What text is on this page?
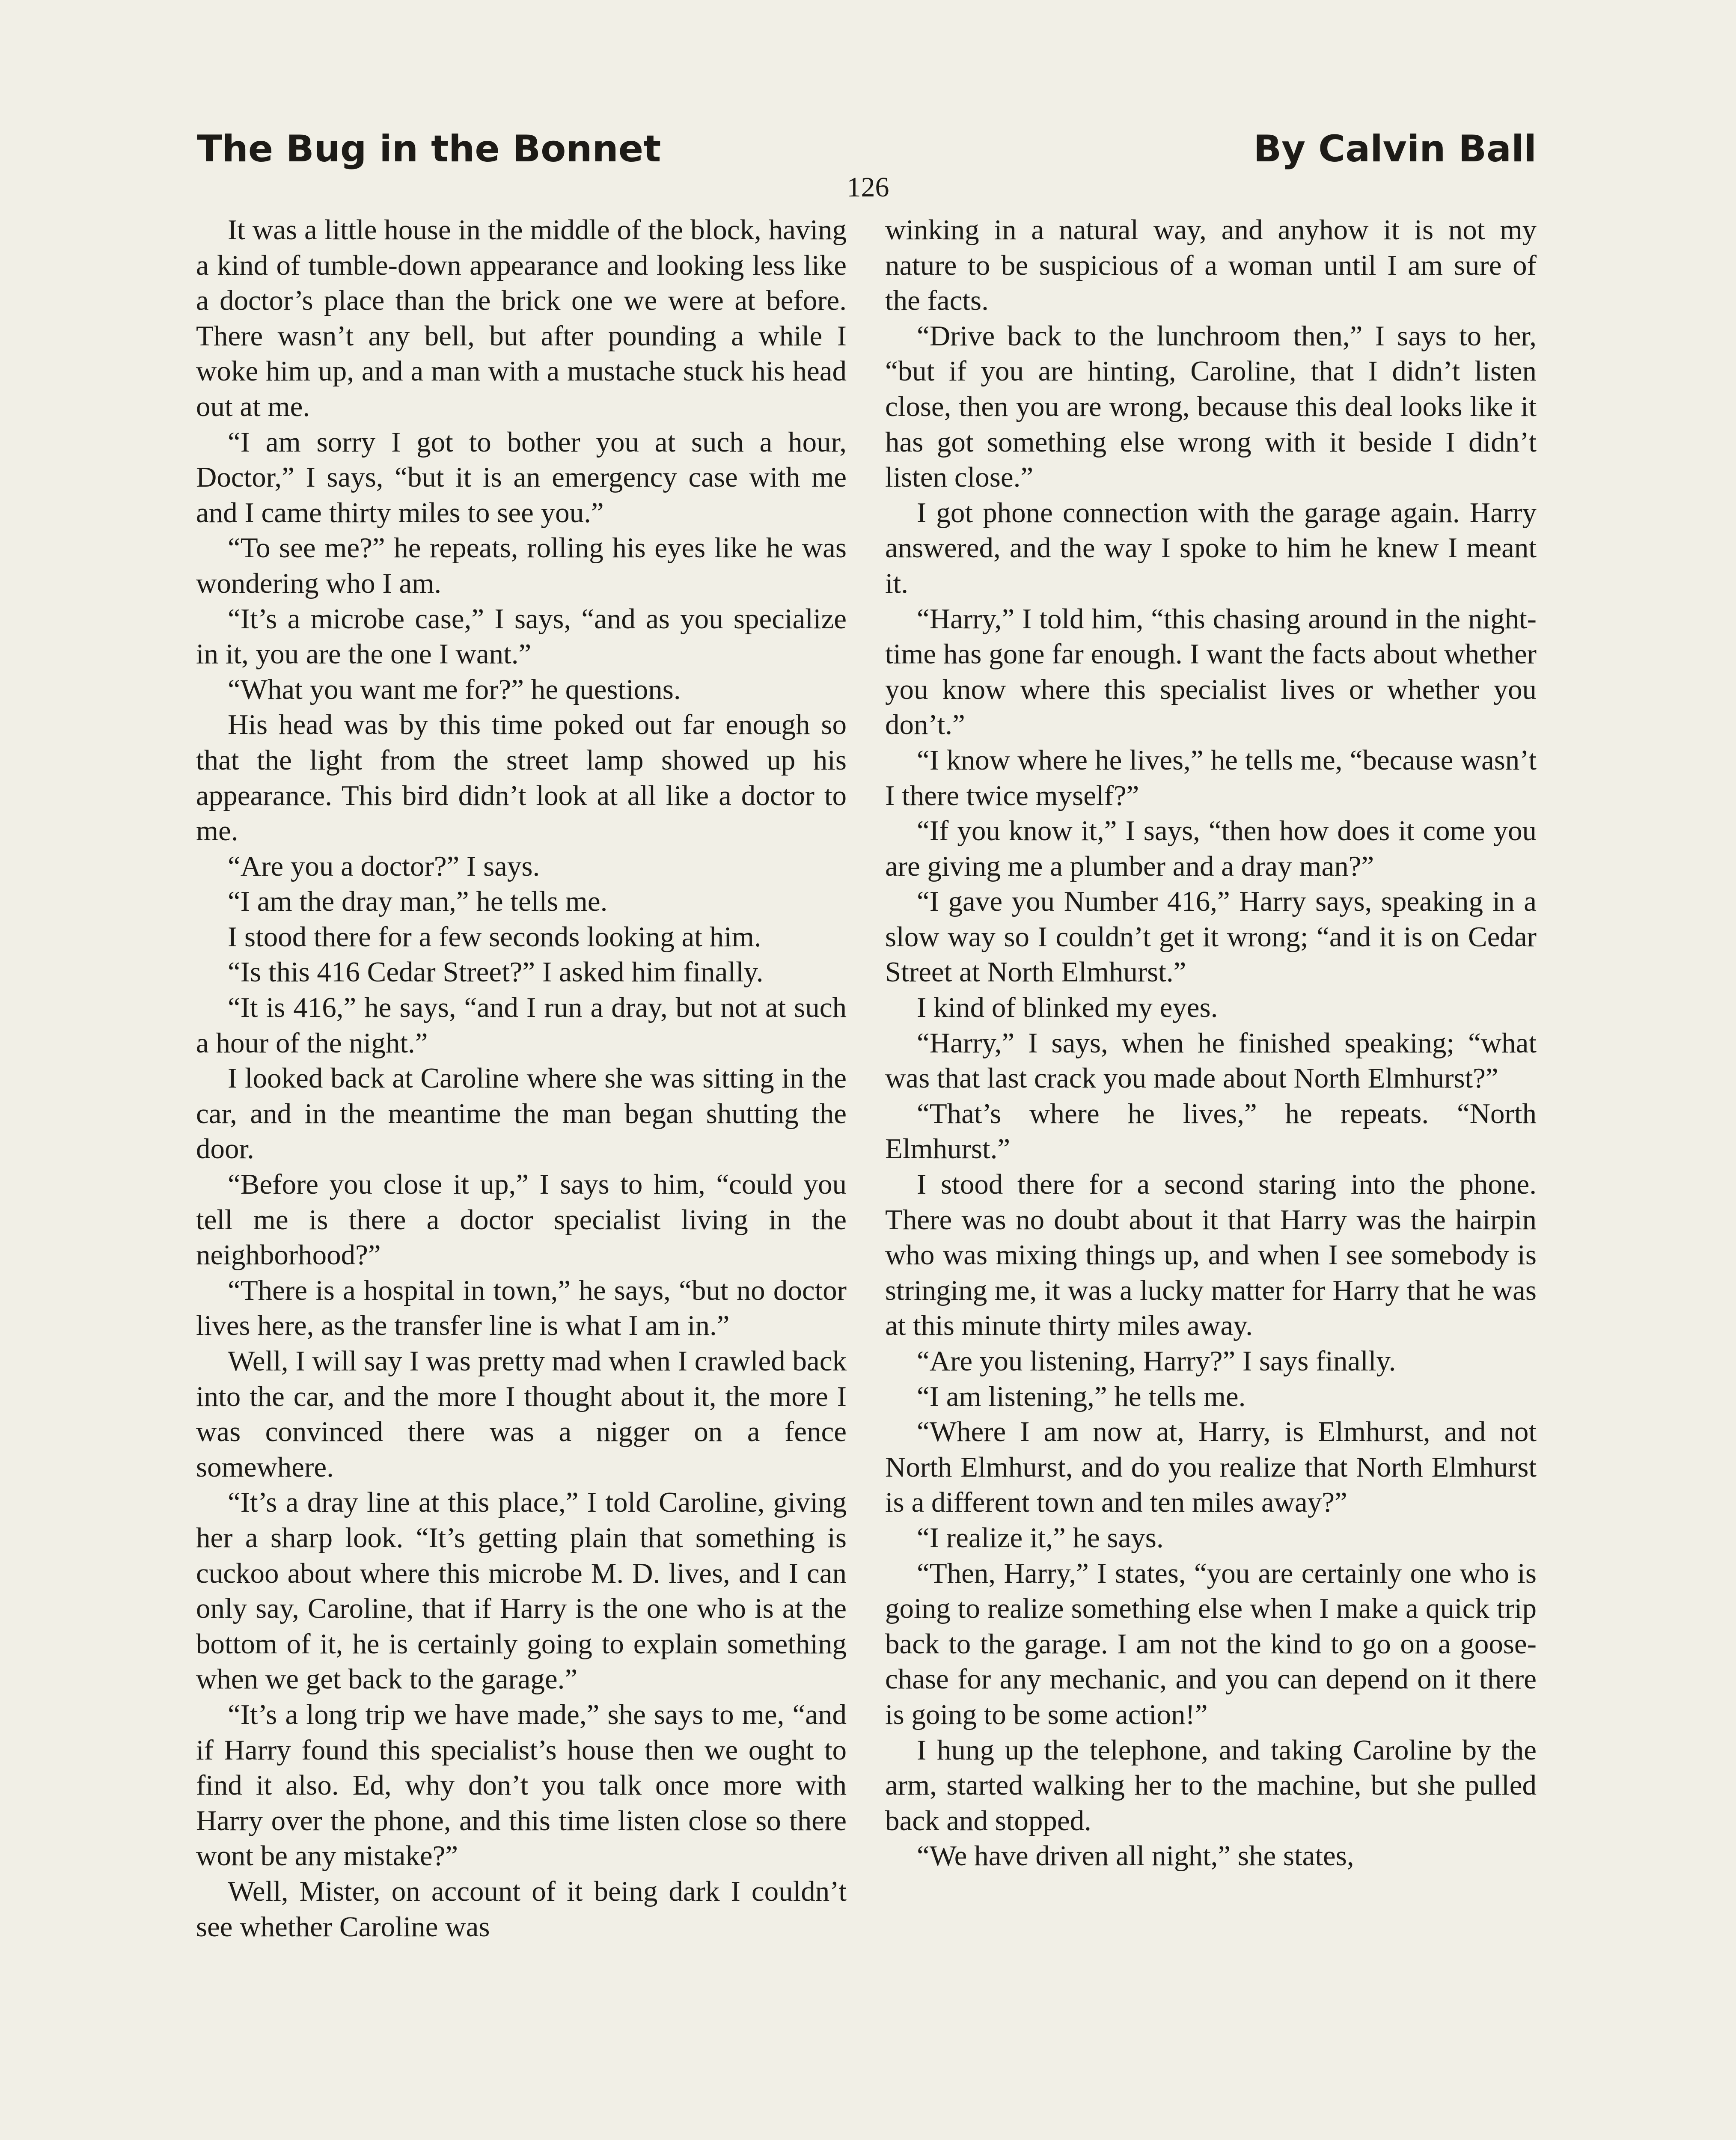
The Bug in the Bonnet	By Calvin Ball
126

It was a little house in the middle of the block, having a kind of tumble-down appearance and looking less like a doctor’s place than the brick one we were at before. There wasn’t any bell, but after pounding a while I woke him up, and a man with a mustache stuck his head out at me.

“I am sorry I got to bother you at such a hour, Doctor,” I says, “but it is an emergency case with me and I came thirty miles to see you.”

“To see me?” he repeats, rolling his eyes like he was wondering who I am.

“It’s a microbe case,” I says, “and as you specialize in it, you are the one I want.”

“What you want me for?” he questions.

His head was by this time poked out far enough so that the light from the street lamp showed up his appearance. This bird didn’t look at all like a doctor to me.

“Are you a doctor?” I says.

“I am the dray man,” he tells me.

I stood there for a few seconds looking at him.

“Is this 416 Cedar Street?” I asked him finally.

“It is 416,” he says, “and I run a dray, but not at such a hour of the night.”

I looked back at Caroline where she was sitting in the car, and in the meantime the man began shutting the door.

“Before you close it up,” I says to him, “could you tell me is there a doctor specialist living in the neighborhood?”

“There is a hospital in town,” he says, “but no doctor lives here, as the transfer line is what I am in.”

Well, I will say I was pretty mad when I crawled back into the car, and the more I thought about it, the more I was convinced there was a nigger on a fence somewhere.

“It’s a dray line at this place,” I told Caroline, giving her a sharp look. “It’s getting plain that something is cuckoo about where this microbe M. D. lives, and I can only say, Caroline, that if Harry is the one who is at the bottom of it, he is certainly going to explain something when we get back to the garage.”

“It’s a long trip we have made,” she says to me, “and if Harry found this specialist’s house then we ought to find it also. Ed, why don’t you talk once more with Harry over the phone, and this time listen close so there wont be any mistake?”

Well, Mister, on account of it being dark I couldn’t see whether Caroline was

winking in a natural way, and anyhow it is not my nature to be suspicious of a woman until I am sure of the facts.

“Drive back to the lunchroom then,” I says to her, “but if you are hinting, Caroline, that I didn’t listen close, then you are wrong, because this deal looks like it has got something else wrong with it beside I didn’t listen close.”

I got phone connection with the garage again. Harry answered, and the way I spoke to him he knew I meant it.

“Harry,” I told him, “this chasing around in the night-time has gone far enough. I want the facts about whether you know where this specialist lives or whether you don’t.”

“I know where he lives,” he tells me, “because wasn’t I there twice myself?”

“If you know it,” I says, “then how does it come you are giving me a plumber and a dray man?”

“I gave you Number 416,” Harry says, speaking in a slow way so I couldn’t get it wrong; “and it is on Cedar Street at North Elmhurst.”

I kind of blinked my eyes.

“Harry,” I says, when he finished speaking; “what was that last crack you made about North Elmhurst?”

“That’s where he lives,” he repeats. “North Elmhurst.”

I stood there for a second staring into the phone. There was no doubt about it that Harry was the hairpin who was mixing things up, and when I see somebody is stringing me, it was a lucky matter for Harry that he was at this minute thirty miles away.

“Are you listening, Harry?” I says finally.

“I am listening,” he tells me.

“Where I am now at, Harry, is Elmhurst, and not North Elmhurst, and do you realize that North Elmhurst is a different town and ten miles away?”

“I realize it,” he says.

“Then, Harry,” I states, “you are certainly one who is going to realize something else when I make a quick trip back to the garage. I am not the kind to go on a goose-chase for any mechanic, and you can depend on it there is going to be some action!”

I hung up the telephone, and taking Caroline by the arm, started walking her to the machine, but she pulled back and stopped.

“We have driven all night,” she states,
